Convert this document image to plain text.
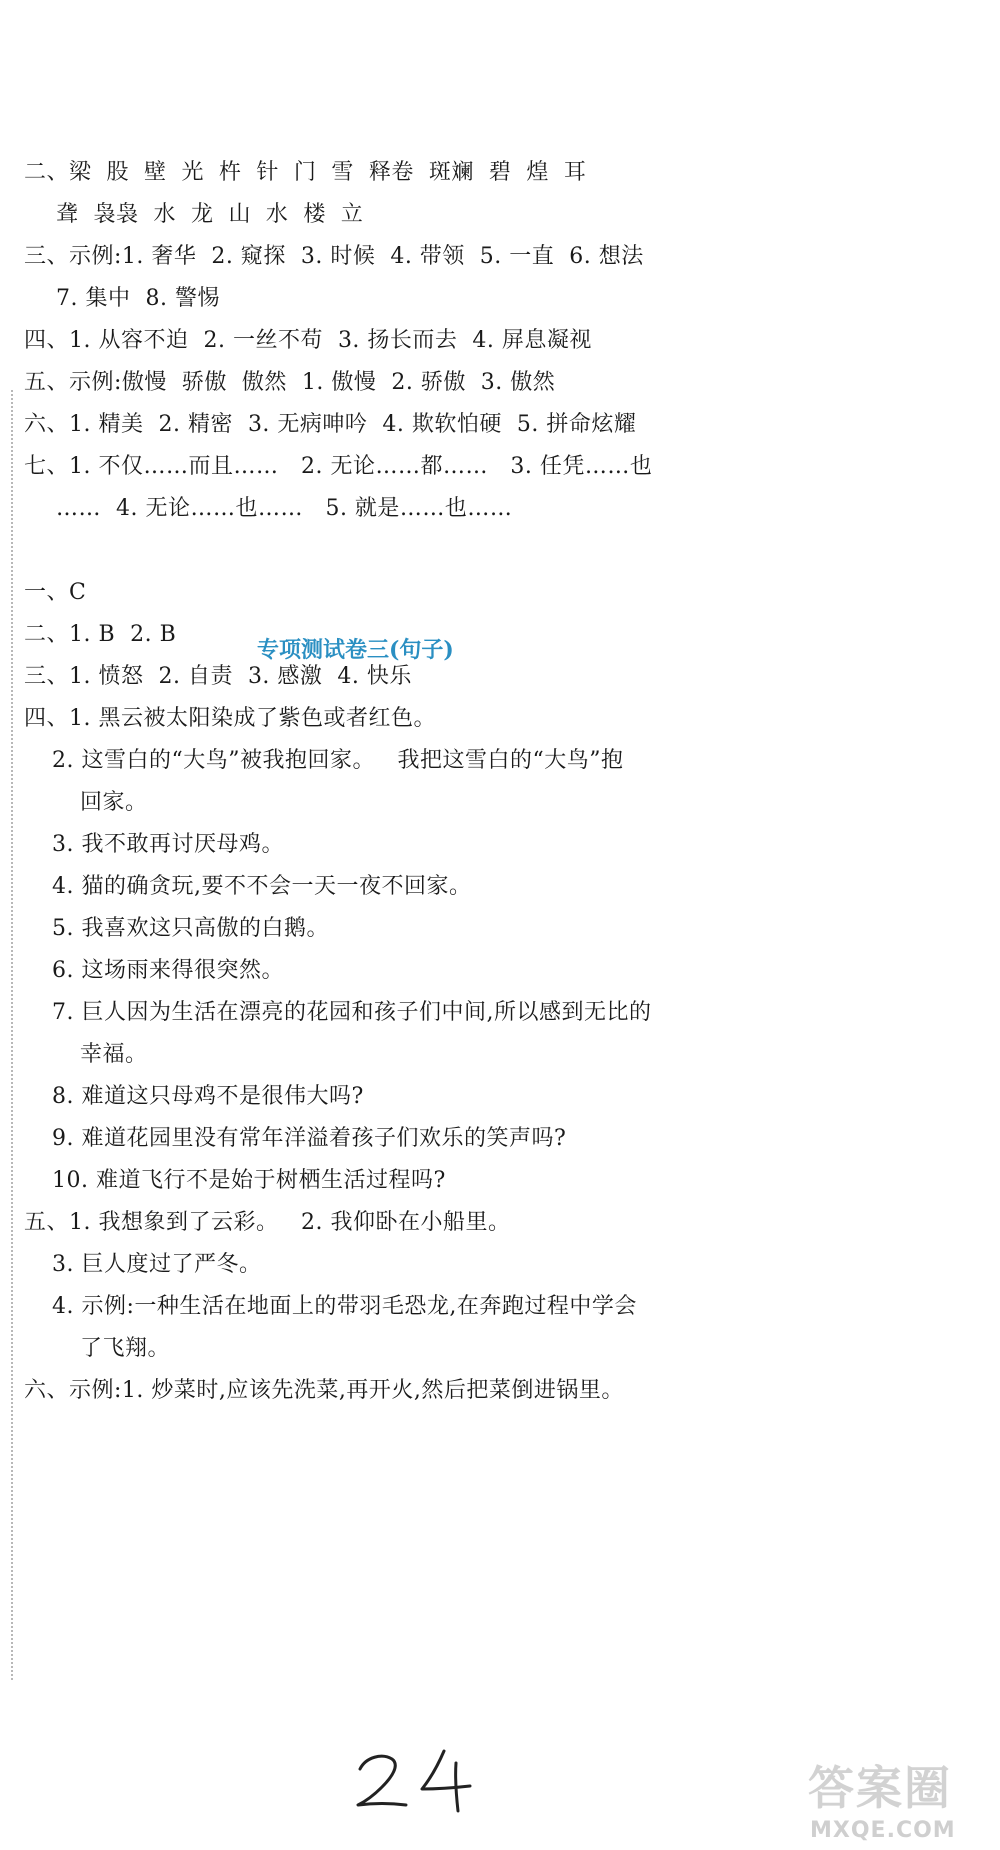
二、梁  股  壁  光  杵  针  门  雪  释卷  斑斓  碧  煌  耳
聋  袅袅  水  龙  山  水  楼  立
三、示例:1. 奢华  2. 窥探  3. 时候  4. 带领  5. 一直  6. 想法
7. 集中  8. 警惕
四、1. 从容不迫  2. 一丝不苟  3. 扬长而去  4. 屏息凝视
五、示例:傲慢  骄傲  傲然  1. 傲慢  2. 骄傲  3. 傲然
六、1. 精美  2. 精密  3. 无病呻吟  4. 欺软怕硬  5. 拼命炫耀
七、1. 不仅……而且……   2. 无论……都……   3. 任凭……也
……  4. 无论……也……   5. 就是……也……
专项测试卷三(句子)
一、C
二、1. B  2. B
三、1. 愤怒  2. 自责  3. 感激  4. 快乐
四、1. 黑云被太阳染成了紫色或者红色。
2. 这雪白的“大鸟”被我抱回家。   我把这雪白的“大鸟”抱
回家。
3. 我不敢再讨厌母鸡。
4. 猫的确贪玩,要不不会一天一夜不回家。
5. 我喜欢这只高傲的白鹅。
6. 这场雨来得很突然。
7. 巨人因为生活在漂亮的花园和孩子们中间,所以感到无比的
幸福。
8. 难道这只母鸡不是很伟大吗?
9. 难道花园里没有常年洋溢着孩子们欢乐的笑声吗?
10. 难道飞行不是始于树栖生活过程吗?
五、1. 我想象到了云彩。   2. 我仰卧在小船里。
3. 巨人度过了严冬。
4. 示例:一种生活在地面上的带羽毛恐龙,在奔跑过程中学会
了飞翔。
六、示例:1. 炒菜时,应该先洗菜,再开火,然后把菜倒进锅里。
答案圈
MXQE.COM
